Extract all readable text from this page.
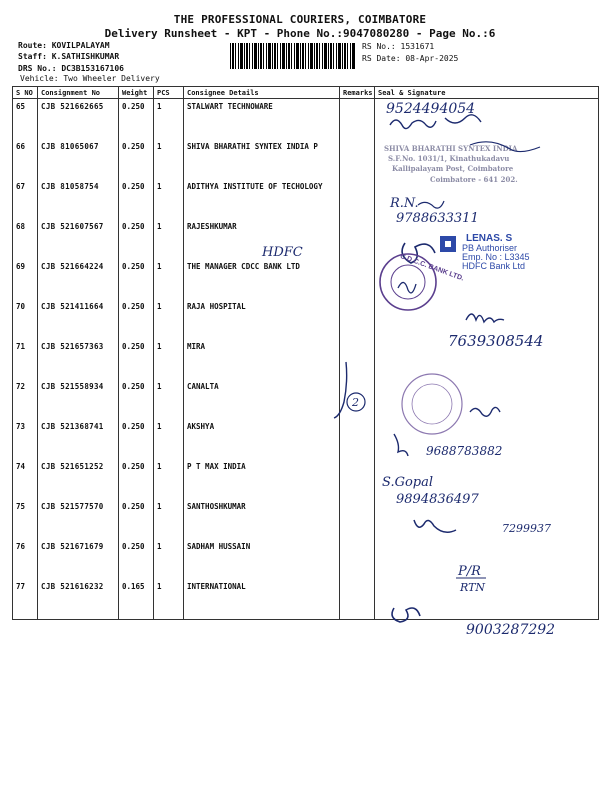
THE PROFESSIONAL COURIERS, COIMBATORE
Delivery Runsheet - KPT - Phone No.:9047080280 - Page No.:6
Route: KOVILPALAYAM
Staff: K.SATHISHKUMAR
DRS No.: DC3B153167106
Vehicle: Two Wheeler Delivery
RS No.: 1531671
RS Date: 08-Apr-2025
S NO	Consignment No	Weight	PCS	Consignee Details	Remarks	Seal & Signature
65	CJB 521662665	0.250	1	STALWART TECHNOWARE		
66	CJB 81065067	0.250	1	SHIVA BHARATHI SYNTEX INDIA P		
67	CJB 81058754	0.250	1	ADITHYA INSTITUTE OF TECHOLOGY		
68	CJB 521607567	0.250	1	RAJESHKUMAR		
69	CJB 521664224	0.250	1	THE MANAGER CDCC BANK LTD		
70	CJB 521411664	0.250	1	RAJA HOSPITAL		
71	CJB 521657363	0.250	1	MIRA		
72	CJB 521558934	0.250	1	CANALTA		
73	CJB 521368741	0.250	1	AKSHYA		
74	CJB 521651252	0.250	1	P T MAX INDIA		
75	CJB 521577570	0.250	1	SANTHOSHKUMAR		
76	CJB 521671679	0.250	1	SADHAM HUSSAIN		
77	CJB 521616232	0.165	1	INTERNATIONAL		
9524494054
SHIVA BHARATHI SYNTEX INDIA
S.F.No. 1031/1, Kinathukadavu
Kallipalayam Post, Coimbatore
Coimbatore - 641 202.
R.N.
9788633311
HDFC
LENAS. S
PB Authoriser
Emp. No : L3345
HDFC Bank Ltd
C.D.C.C. BANK LTD.
7639308544
2
9688783882
S.Gopal
9894836497
7299937
P/R
RTN
9003287292
